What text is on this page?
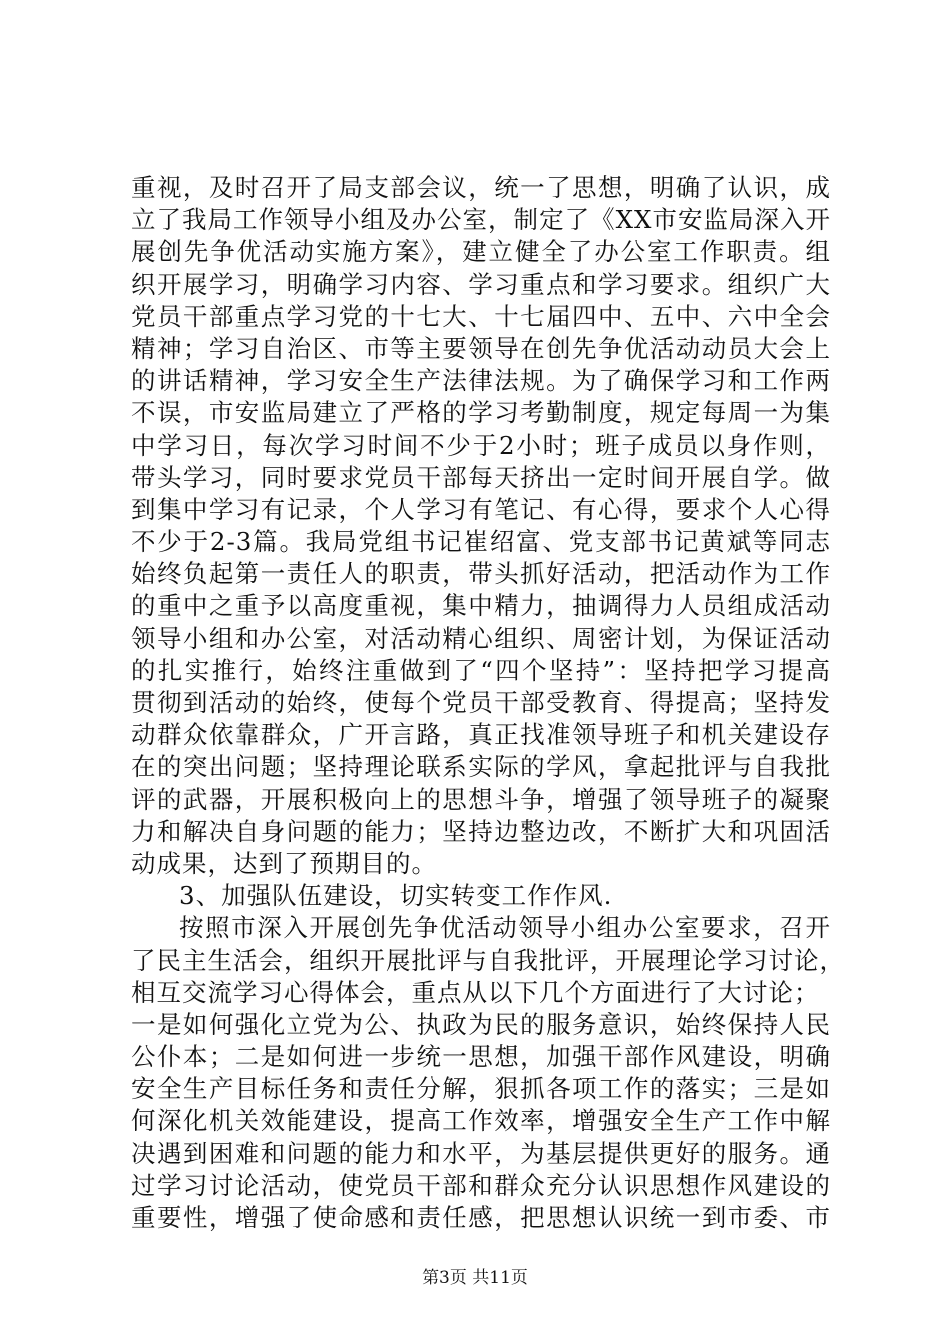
重视，及时召开了局支部会议，统一了思想，明确了认识，成
立了我局工作领导小组及办公室，制定了《XX市安监局深入开
展创先争优活动实施方案》，建立健全了办公室工作职责。组
织开展学习，明确学习内容、学习重点和学习要求。组织广大
党员干部重点学习党的十七大、十七届四中、五中、六中全会
精神；学习自治区、市等主要领导在创先争优活动动员大会上
的讲话精神，学习安全生产法律法规。为了确保学习和工作两
不误，市安监局建立了严格的学习考勤制度，规定每周一为集
中学习日，每次学习时间不少于2小时；班子成员以身作则，
带头学习，同时要求党员干部每天挤出一定时间开展自学。做
到集中学习有记录，个人学习有笔记、有心得，要求个人心得
不少于2-3篇。我局党组书记崔绍富、党支部书记黄斌等同志
始终负起第一责任人的职责，带头抓好活动，把活动作为工作
的重中之重予以高度重视，集中精力，抽调得力人员组成活动
领导小组和办公室，对活动精心组织、周密计划，为保证活动
的扎实推行，始终注重做到了“四个坚持”：坚持把学习提高
贯彻到活动的始终，使每个党员干部受教育、得提高；坚持发
动群众依靠群众，广开言路，真正找准领导班子和机关建设存
在的突出问题；坚持理论联系实际的学风，拿起批评与自我批
评的武器，开展积极向上的思想斗争，增强了领导班子的凝聚
力和解决自身问题的能力；坚持边整边改，不断扩大和巩固活
动成果，达到了预期目的。
3、加强队伍建设，切实转变工作作风.
按照市深入开展创先争优活动领导小组办公室要求，召开
了民主生活会，组织开展批评与自我批评，开展理论学习讨论，
相互交流学习心得体会，重点从以下几个方面进行了大讨论；
一是如何强化立党为公、执政为民的服务意识，始终保持人民
公仆本；二是如何进一步统一思想，加强干部作风建设，明确
安全生产目标任务和责任分解，狠抓各项工作的落实；三是如
何深化机关效能建设，提高工作效率，增强安全生产工作中解
决遇到困难和问题的能力和水平，为基层提供更好的服务。通
过学习讨论活动，使党员干部和群众充分认识思想作风建设的
重要性，增强了使命感和责任感，把思想认识统一到市委、市
第3页 共11页
